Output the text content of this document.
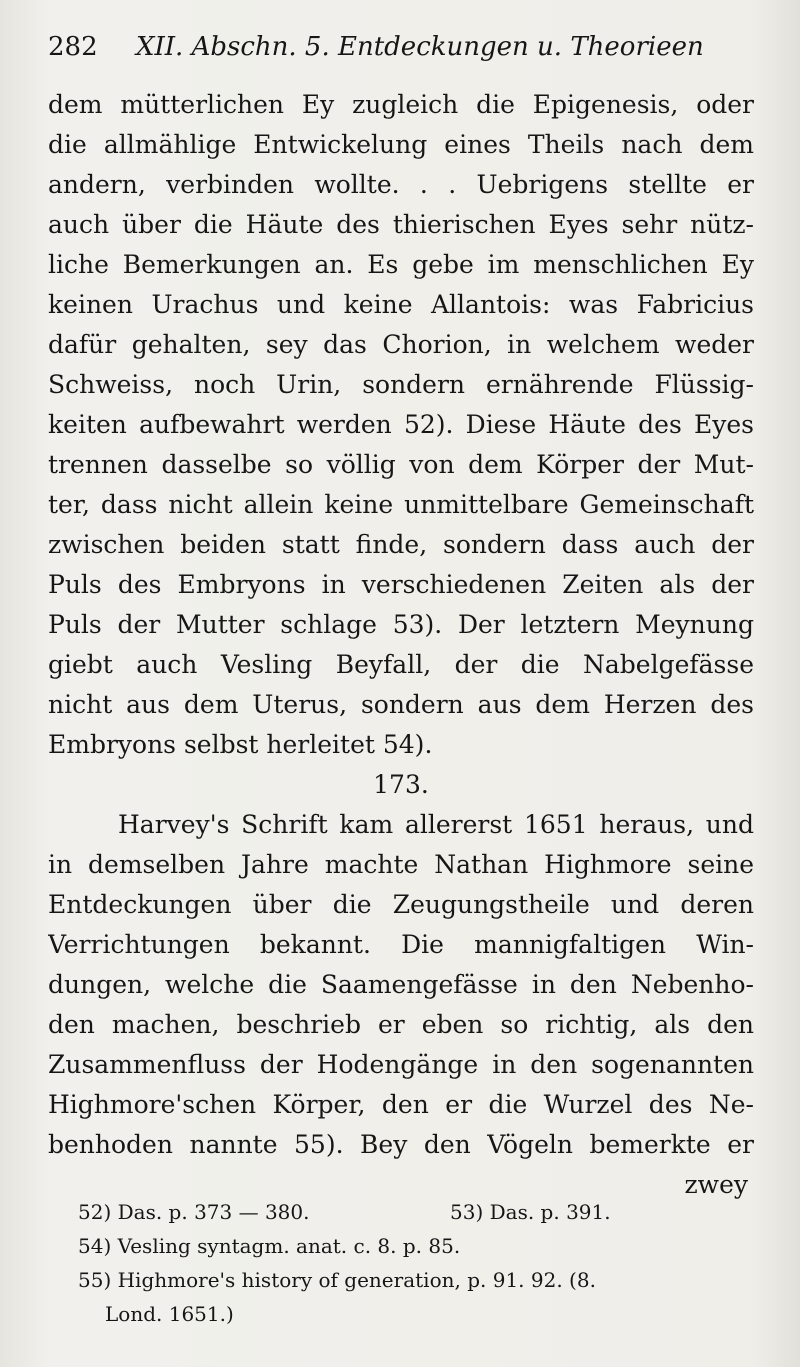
282 XII. Abschn. 5. Entdeckungen u. Theorieen
dem mütterlichen Ey zugleich die Epigenesis, oder
die allmählige Entwickelung eines Theils nach dem
andern, verbinden wollte. . . Uebrigens stellte er
auch über die Häute des thierischen Eyes sehr nütz-
liche Bemerkungen an. Es gebe im menschlichen Ey
keinen Urachus und keine Allantois: was Fabricius
dafür gehalten, sey das Chorion, in welchem weder
Schweiss, noch Urin, sondern ernährende Flüssig-
keiten aufbewahrt werden 52). Diese Häute des Eyes
trennen dasselbe so völlig von dem Körper der Mut-
ter, dass nicht allein keine unmittelbare Gemeinschaft
zwischen beiden statt finde, sondern dass auch der
Puls des Embryons in verschiedenen Zeiten als der
Puls der Mutter schlage 53). Der letztern Meynung
giebt auch Vesling Beyfall, der die Nabelgefässe
nicht aus dem Uterus, sondern aus dem Herzen des
Embryons selbst herleitet 54).
173.
Harvey's Schrift kam allererst 1651 heraus, und
in demselben Jahre machte Nathan Highmore seine
Entdeckungen über die Zeugungstheile und deren
Verrichtungen bekannt. Die mannigfaltigen Win-
dungen, welche die Saamengefässe in den Nebenho-
den machen, beschrieb er eben so richtig, als den
Zusammenfluss der Hodengänge in den sogenannten
Highmore'schen Körper, den er die Wurzel des Ne-
benhoden nannte 55). Bey den Vögeln bemerkte er
zwey
52) Das. p. 373 — 380.	53) Das. p. 391.
54) Vesling syntagm. anat. c. 8. p. 85.
55) Highmore's history of generation, p. 91. 92. (8.
Lond. 1651.)
